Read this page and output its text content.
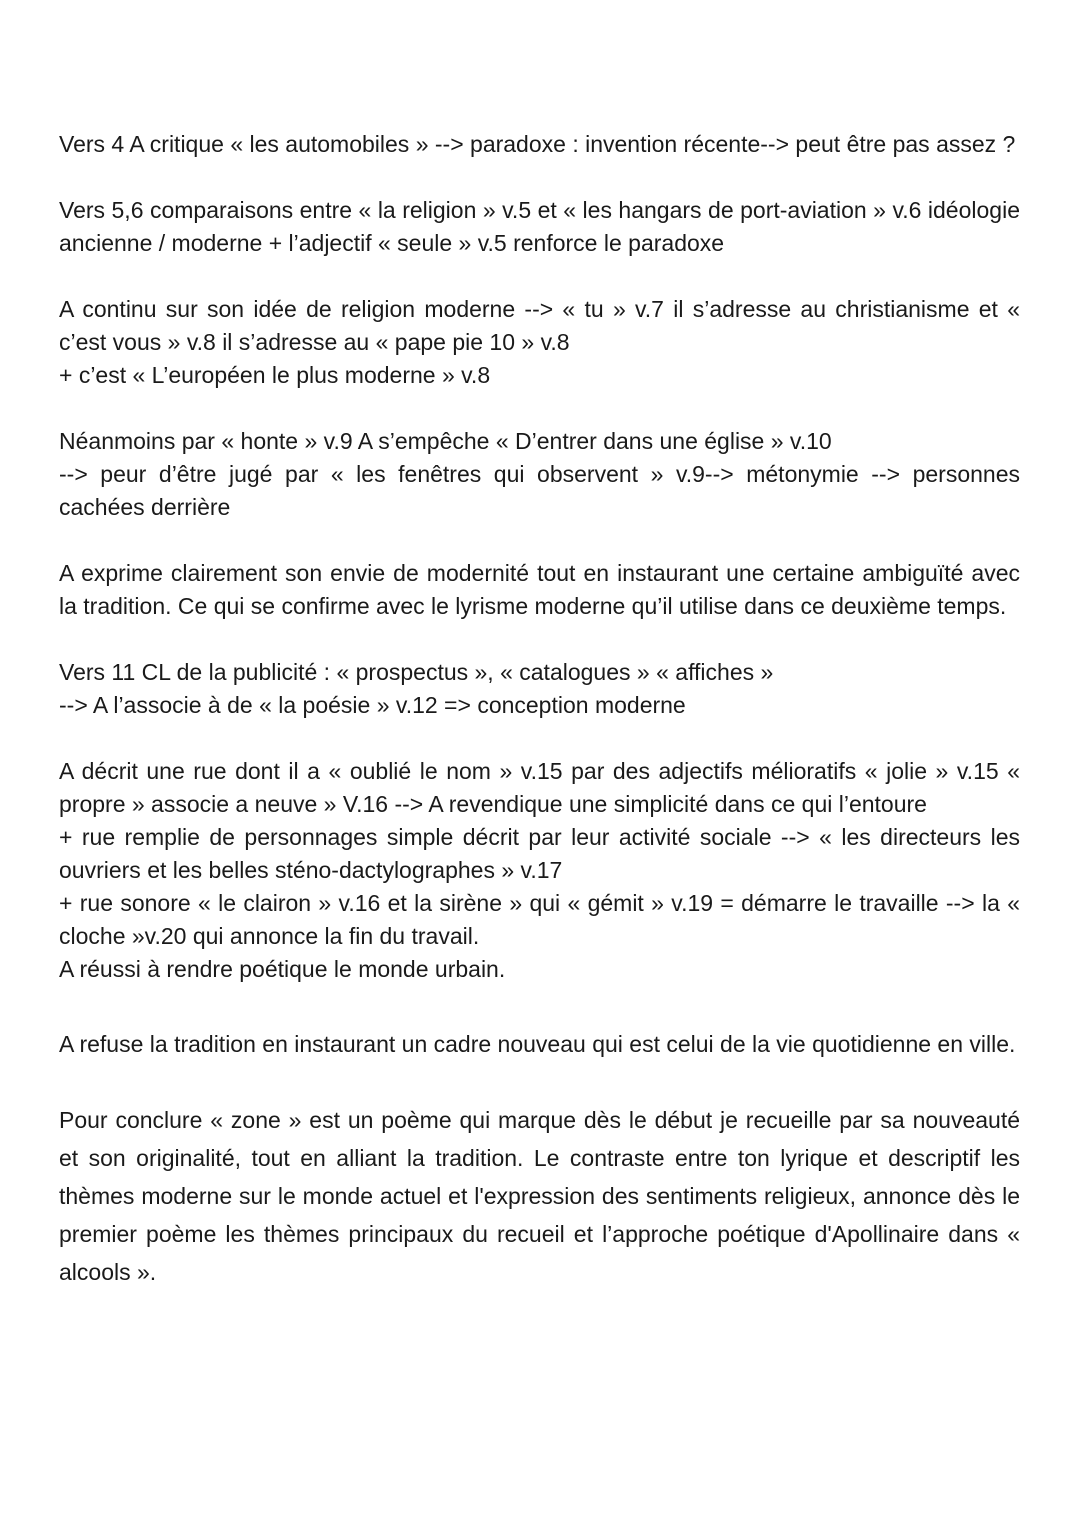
Vers 4 A critique « les automobiles » --> paradoxe : invention récente--> peut être pas assez ?

Vers 5,6 comparaisons entre « la religion » v.5 et « les hangars de port-aviation » v.6 idéologie ancienne / moderne + l’adjectif « seule » v.5 renforce le paradoxe

A continu sur son idée de religion moderne --> « tu » v.7 il s’adresse au christianisme et « c’est vous » v.8 il s’adresse au « pape pie 10 » v.8
+ c’est « L’européen le plus moderne » v.8

Néanmoins par « honte » v.9 A s’empêche « D’entrer dans une église » v.10
--> peur d’être jugé par « les fenêtres qui observent » v.9--> métonymie --> personnes cachées derrière

A exprime clairement son envie de modernité tout en instaurant une certaine ambiguïté avec la tradition. Ce qui se confirme avec le lyrisme moderne qu’il utilise dans ce deuxième temps.

Vers 11 CL de la publicité : « prospectus », « catalogues » « affiches »
--> A l’associe à de « la poésie » v.12 => conception moderne

A décrit une rue dont il a « oublié le nom » v.15 par des adjectifs mélioratifs « jolie » v.15 « propre » associe a neuve » V.16 --> A revendique une simplicité dans ce qui l’entoure
+ rue remplie de personnages simple décrit par leur activité sociale --> « les directeurs les ouvriers et les belles sténo-dactylographes » v.17
+ rue sonore « le clairon » v.16 et la sirène » qui « gémit » v.19 = démarre le travaille --> la « cloche »v.20 qui annonce la fin du travail.
A réussi à rendre poétique le monde urbain.

A refuse la tradition en instaurant un cadre nouveau qui est celui de la vie quotidienne en ville.

Pour conclure « zone » est un poème qui marque dès le début je recueille par sa nouveauté et son originalité, tout en alliant la tradition. Le contraste entre ton lyrique et descriptif les thèmes moderne sur le monde actuel et l'expression des sentiments religieux, annonce dès le premier poème les thèmes principaux du recueil et l’approche poétique d'Apollinaire dans « alcools ».
